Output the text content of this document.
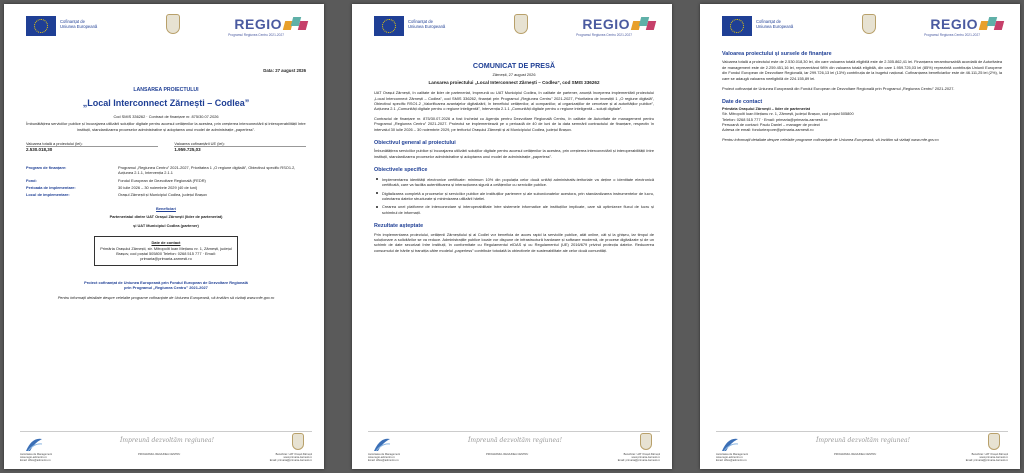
Cofinanțat de
Uniunea Europeană	REGIO
Programul Regiunea Centru 2021-2027
Data: 27 august 2026
LANSAREA PROIECTULUI
„Local Interconnect Zărnești – Codlea”
Cod SMIS 336262 · Contract de finanțare nr. 875/30.07.2026
Îmbunătățirea serviciilor publice și încurajarea utilizării soluțiilor digitale pentru accesul cetățenilor la acestea, prin creșterea interconectării și interoperabilității între instituții, standardizarea proceselor administrative și adoptarea unui model de administrație „paperless”.
Valoarea totală a proiectului (lei):
2.530.018,30
Valoarea cofinanțării UE (lei):
1.959.725,03
Program de finanțare:	Programul „Regiunea Centru” 2021-2027, Prioritatea 1 „O regiune digitală”, Obiectivul specific RSO1.2, Acțiunea 2.1.1, Intervenția 2.1.1
Fond:	Fondul European de Dezvoltare Regională (FEDR)
Perioada de implementare:	30 iulie 2026 – 30 noiembrie 2029 (40 de luni)
Locul de implementare:	Orașul Zărnești și Municipiul Codlea, județul Brașov
Beneficiari
Parteneriatul dintre UAT Orașul Zărnești (lider de parteneriat)
și UAT Municipiul Codlea (partener)
Date de contact
Primăria Orașului Zărnești, str. Mitropolit Ioan Mețianu nr. 1, Zărnești, județul Brașov, cod poștal 505800 Telefon: 0268 515 777 · Email: primaria@primaria-zarnesti.ro
Proiect cofinanțat de Uniunea Europeană prin Fondul European de Dezvoltare Regională
prin Programul „Regiunea Centru” 2021-2027
Pentru informații detaliate despre celelalte programe cofinanțate de Uniunea Europeană, vă invităm să vizitați www.mfe.gov.ro
Împreună dezvoltăm regiunea!
Autoritatea de Management
www.regio-adrcentru.ro
Email: office@adrcentru.ro
PROGRAMUL REGIUNEA CENTRU	Beneficiar: UAT Orașul Zărnești
www.primaria-zarnesti.ro
Email: primaria@primaria-zarnesti.ro
Cofinanțat de
Uniunea Europeană	REGIO
Programul Regiunea Centru 2021-2027
COMUNICAT DE PRESĂ
Zărnești, 27 august 2026
Lansarea proiectului „Local Interconnect Zărnești – Codlea”, cod SMIS 336262
UAT Orașul Zărnești, în calitate de lider de parteneriat, împreună cu UAT Municipiul Codlea, în calitate de partener, anunță începerea implementării proiectului „Local Interconnect Zărnești – Codlea”, cod SMIS 336262, finanțat prin Programul „Regiunea Centru” 2021-2027, Prioritatea de investiții 1 „O regiune digitală”, Obiectivul specific RSO1.2 „Valorificarea avantajelor digitalizării, în beneficiul cetățenilor, al companiilor, al organizațiilor de cercetare și al autorităților publice”, Acțiunea 2.1 „Comunități digitale pentru o regiune inteligentă”, Intervenția 2.1.1 „Comunități digitale pentru o regiune inteligentă – soluții digitale”.
Contractul de finanțare nr. 875/30.07.2026 a fost încheiat cu Agenția pentru Dezvoltare Regională Centru, în calitate de Autoritate de management pentru Programul „Regiunea Centru” 2021-2027. Proiectul se implementează pe o perioadă de 40 de luni de la data semnării contractului de finanțare, respectiv în intervalul 30 iulie 2026 – 30 noiembrie 2029, pe teritoriul Orașului Zărnești și al Municipiului Codlea, județul Brașov.
Obiectivul general al proiectului
Îmbunătățirea serviciilor publice și încurajarea utilizării soluțiilor digitale pentru accesul cetățenilor la acestea, prin creșterea interconectării și interoperabilității între instituții, standardizarea proceselor administrative și adoptarea unui model de administrație „paperless”.
Obiectivele specifice
Implementarea identității electronice certificate: minimum 10% din populația celor două unități administrativ-teritoriale va deține o identitate electronică certificată, care va facilita autentificarea și interacțiunea sigură a cetățenilor cu serviciile publice.
Digitalizarea completă a proceselor și serviciilor publice ale instituțiilor partenere și ale subordonatelor acestora, prin standardizarea instrumentelor de lucru, colectarea datelor structurate și minimizarea utilizării hârtiei.
Crearea unei platforme de interconectare și interoperabilitate între sistemele informatice ale instituțiilor implicate, care să optimizeze fluxul de lucru și schimbul de informații.
Rezultate așteptate
Prin implementarea proiectului, cetățenii Zărneștiului și ai Codlei vor beneficia de acces rapid la serviciile publice, atât online, cât și la ghișeu, iar timpul de soluționare a solicitărilor se va reduce. Administrațiile publice locale vor dispune de infrastructură hardware și software modernă, de procese digitalizate și de un schimb de date securizat între instituții, în conformitate cu Regulamentul eIDAS și cu Regulamentul (UE) 2016/679 privind protecția datelor. Reducerea consumului de hârtie și tranziția către modelul „paperless” contribuie totodată la obiectivele de sustenabilitate ale celor două comunități.
Împreună dezvoltăm regiunea!
Autoritatea de Management
www.regio-adrcentru.ro
Email: office@adrcentru.ro
PROGRAMUL REGIUNEA CENTRU	Beneficiar: UAT Orașul Zărnești
www.primaria-zarnesti.ro
Email: primaria@primaria-zarnesti.ro
Cofinanțat de
Uniunea Europeană	REGIO
Programul Regiunea Centru 2021-2027
Valoarea proiectului și sursele de finanțare
Valoarea totală a proiectului este de 2.530.018,30 lei, din care valoarea totală eligibilă este de 2.305.862,41 lei. Finanțarea nerambursabilă acordată de Autoritatea de management este de 2.259.451,16 lei, reprezentând 98% din valoarea totală eligibilă, din care 1.959.725,03 lei (85%) reprezintă contribuția Uniunii Europene din Fondul European de Dezvoltare Regională, iar 299.726,13 lei (13%) contribuția de la bugetul național. Cofinanțarea beneficiarilor este de 46.111,25 lei (2%), la care se adaugă valoarea neeligibilă de 224.155,89 lei.
Proiect cofinanțat de Uniunea Europeană din Fondul European de Dezvoltare Regională prin Programul „Regiunea Centru” 2021-2027.
Date de contact
Primăria Orașului Zărnești – lider de parteneriat
Str. Mitropolit Ioan Mețianu nr. 1, Zărnești, județul Brașov, cod poștal 505800
Telefon: 0268 515 777 · Email: primaria@primaria-zarnesti.ro
Persoană de contact: Paulu Daniel – manager de proiect
Adresa de email: fonduriexpore@primaria-zarnesti.ro
Pentru informații detaliate despre celelalte programe cofinanțate de Uniunea Europeană, vă invităm să vizitați www.mfe.gov.ro
Împreună dezvoltăm regiunea!
Autoritatea de Management
www.regio-adrcentru.ro
Email: office@adrcentru.ro
PROGRAMUL REGIUNEA CENTRU	Beneficiar: UAT Orașul Zărnești
www.primaria-zarnesti.ro
Email: primaria@primaria-zarnesti.ro
